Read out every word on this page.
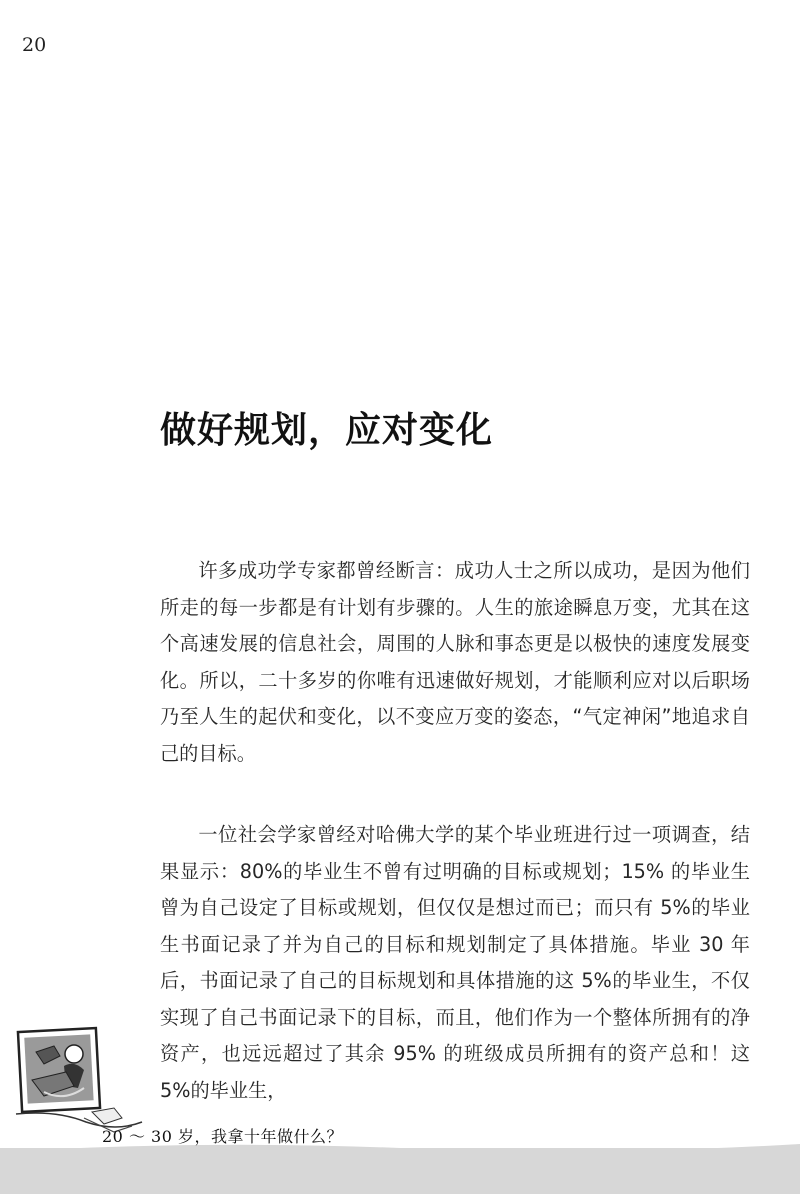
20
做好规划，应对变化

许多成功学专家都曾经断言：成功人士之所以成功，是因为他们所走的每一步都是有计划有步骤的。人生的旅途瞬息万变，尤其在这个高速发展的信息社会，周围的人脉和事态更是以极快的速度发展变化。所以，二十多岁的你唯有迅速做好规划，才能顺利应对以后职场乃至人生的起伏和变化，以不变应万变的姿态，“气定神闲”地追求自己的目标。

一位社会学家曾经对哈佛大学的某个毕业班进行过一项调查，结果显示：80%的毕业生不曾有过明确的目标或规划；15% 的毕业生曾为自己设定了目标或规划，但仅仅是想过而已；而只有 5%的毕业生书面记录了并为自己的目标和规划制定了具体措施。毕业 30 年后，书面记录了自己的目标规划和具体措施的这 5%的毕业生，不仅实现了自己书面记录下的目标，而且，他们作为一个整体所拥有的净资产，也远远超过了其余 95% 的班级成员所拥有的资产总和！这 5%的毕业生，

20 ～ 30 岁，我拿十年做什么？
